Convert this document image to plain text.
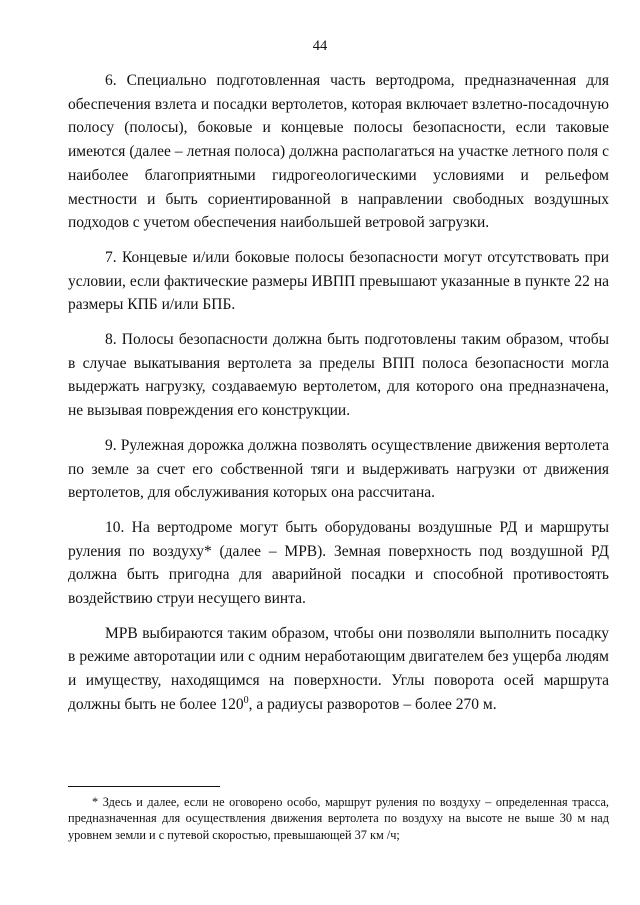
44

6. Специально подготовленная часть вертодрома, предназначенная для обеспечения взлета и посадки вертолетов, которая включает взлетно-посадочную полосу (полосы), боковые и концевые полосы безопасности, если таковые имеются (далее – летная полоса) должна располагаться на участке летного поля с наиболее благоприятными гидрогеологическими условиями и рельефом местности и быть сориентированной в направлении свободных воздушных подходов с учетом обеспечения наибольшей ветровой загрузки.

7. Концевые и/или боковые полосы безопасности могут отсутствовать при условии, если фактические размеры ИВПП превышают указанные в пункте 22 на размеры КПБ и/или БПБ.

8. Полосы безопасности должна быть подготовлены таким образом, чтобы в случае выкатывания вертолета за пределы ВПП полоса безопасности могла выдержать нагрузку, создаваемую вертолетом, для которого она предназначена, не вызывая повреждения его конструкции.

9. Рулежная дорожка должна позволять осуществление движения вертолета по земле за счет его собственной тяги и выдерживать нагрузки от движения вертолетов, для обслуживания которых она рассчитана.

10. На вертодроме могут быть оборудованы воздушные РД и маршруты руления по воздуху* (далее – МРВ). Земная поверхность под воздушной РД должна быть пригодна для аварийной посадки и способной противостоять воздействию струи несущего винта.

МРВ выбираются таким образом, чтобы они позволяли выполнить посадку в режиме авторотации или с одним неработающим двигателем без ущерба людям и имуществу, находящимся на поверхности. Углы поворота осей маршрута должны быть не более $120^0$, а радиусы разворотов – более 270 м.

* Здесь и далее, если не оговорено особо, маршрут руления по воздуху – определенная трасса, предназначенная для осуществления движения вертолета по воздуху на высоте не выше 30 м над уровнем земли и с путевой скоростью, превышающей 37 км /ч;
